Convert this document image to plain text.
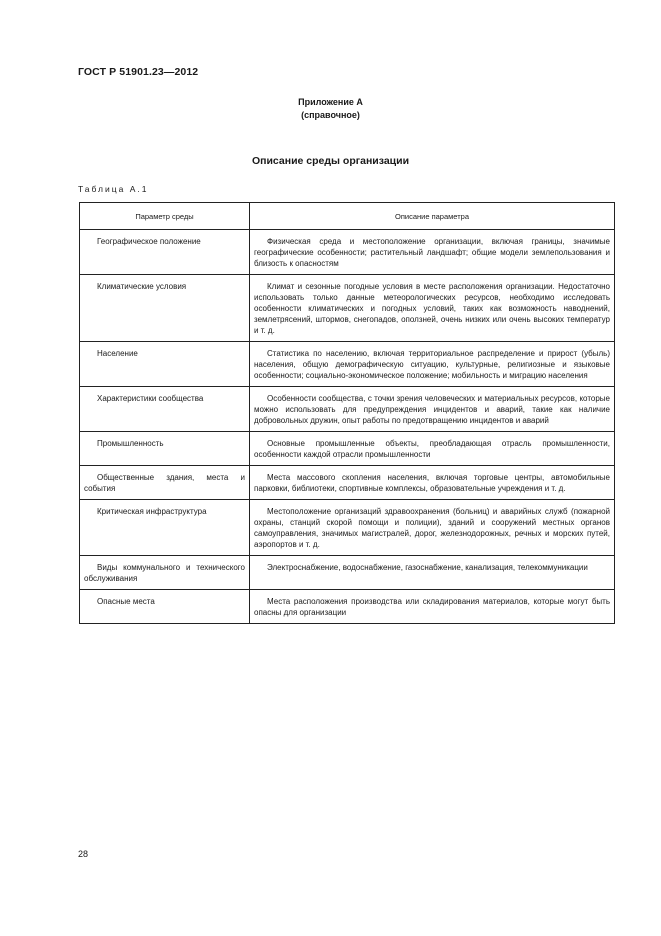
ГОСТ Р 51901.23—2012
Приложение А
(справочное)
Описание среды организации
Таблица А.1
Параметр среды	Описание параметра
Географическое положение	Физическая среда и местоположение организации, включая границы, значимые географические особенности; растительный ландшафт; общие модели землепользования и близость к опасностям
Климатические условия	Климат и сезонные погодные условия в месте расположения организации. Недостаточно использовать только данные метеорологических ресурсов, необходимо исследовать особенности климатических и погодных условий, таких как возможность наводнений, землетрясений, штормов, снегопадов, оползней, очень низких или очень высоких температур и т. д.
Население	Статистика по населению, включая территориальное распределение и прирост (убыль) населения, общую демографическую ситуацию, культурные, религиозные и языковые особенности; социально-экономическое положение; мобильность и миграцию населения
Характеристики сообщества	Особенности сообщества, с точки зрения человеческих и материальных ресурсов, которые можно использовать для предупреждения инцидентов и аварий, такие как наличие добровольных дружин, опыт работы по предотвращению инцидентов и аварий
Промышленность	Основные промышленные объекты, преобладающая отрасль промышленности, особенности каждой отрасли промышленности
Общественные здания, места и события	Места массового скопления населения, включая торговые центры, автомобильные парковки, библиотеки, спортивные комплексы, образовательные учреждения и т. д.
Критическая инфраструктура	Местоположение организаций здравоохранения (больниц) и аварийных служб (пожарной охраны, станций скорой помощи и полиции), зданий и сооружений местных органов самоуправления, значимых магистралей, дорог, железнодорожных, речных и морских путей, аэропортов и т. д.
Виды коммунального и технического обслуживания	Электроснабжение, водоснабжение, газоснабжение, канализация, телекоммуникации
Опасные места	Места расположения производства или складирования материалов, которые могут быть опасны для организации
28
